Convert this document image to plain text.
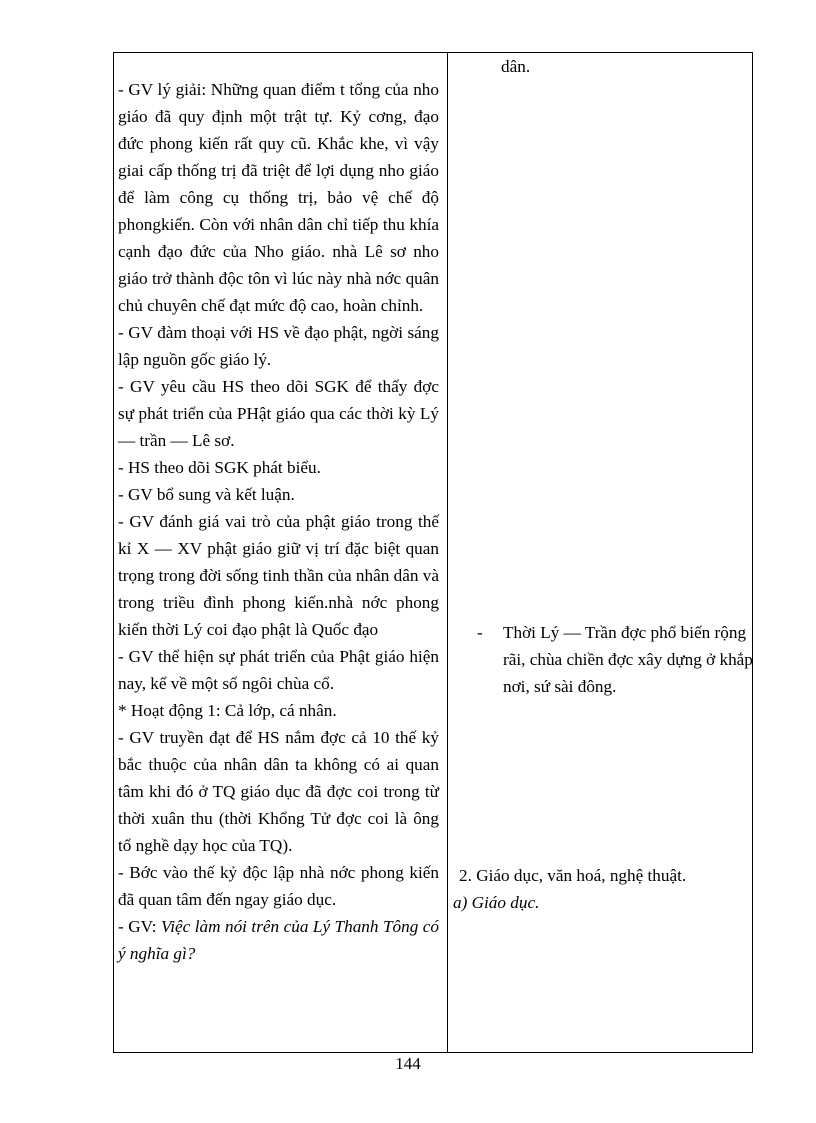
- GV lý giải: Những quan điểm t tổng của nho giáo đã quy định một trật tự. Kỷ cơng, đạo đức phong kiến rất quy cũ. Khắc khe, vì vậy giai cấp thống trị đã triệt để lợi dụng nho giáo để làm công cụ thống trị, bảo vệ chế độ phongkiến. Còn với nhân dân chỉ tiếp thu khía cạnh đạo đức của Nho giáo. nhà Lê sơ nho giáo trở thành độc tôn vì lúc này nhà nớc quân chủ chuyên chế đạt mức độ cao, hoàn chỉnh.

- GV đàm thoại với HS về đạo phật, ngời sáng lập nguồn gốc giáo lý.

- GV yêu cầu HS theo dõi SGK để thấy đợc sự phát triển của PHật giáo qua các thời kỳ Lý — trần — Lê sơ.

- HS theo dõi SGK phát biểu.

- GV bổ sung và kết luận.

- GV đánh giá vai trò của phật giáo trong thế kỉ X — XV phật giáo giữ vị trí đặc biệt quan trọng trong đời sống tinh thần của nhân dân và trong triều đình phong kiến.nhà nớc phong kiến thời Lý coi đạo phật là Quốc đạo

- GV thể hiện sự phát triển của Phật giáo hiện nay, kể về một số ngôi chùa cổ.

* Hoạt động 1: Cả lớp, cá nhân.

- GV truyền đạt để HS nắm đợc cả 10 thế kỷ bắc thuộc của nhân dân ta không có ai quan tâm khi đó ở TQ giáo dục đã đợc coi trong từ thời xuân thu (thời Khổng Tử đợc coi là ông tổ nghề dạy học của TQ).

- Bớc vào thế kỷ độc lập nhà nớc phong kiến đã quan tâm đến ngay giáo dục.

- GV: Việc làm nói trên của Lý Thanh Tông có ý nghĩa gì?

dân.
- Thời Lý — Trần đợc phổ biến rộng rãi, chùa chiền đợc xây dựng ở khắp nơi, sứ sài đông.
2. Giáo dục, văn hoá, nghệ thuật.
a) Giáo dục.
144
